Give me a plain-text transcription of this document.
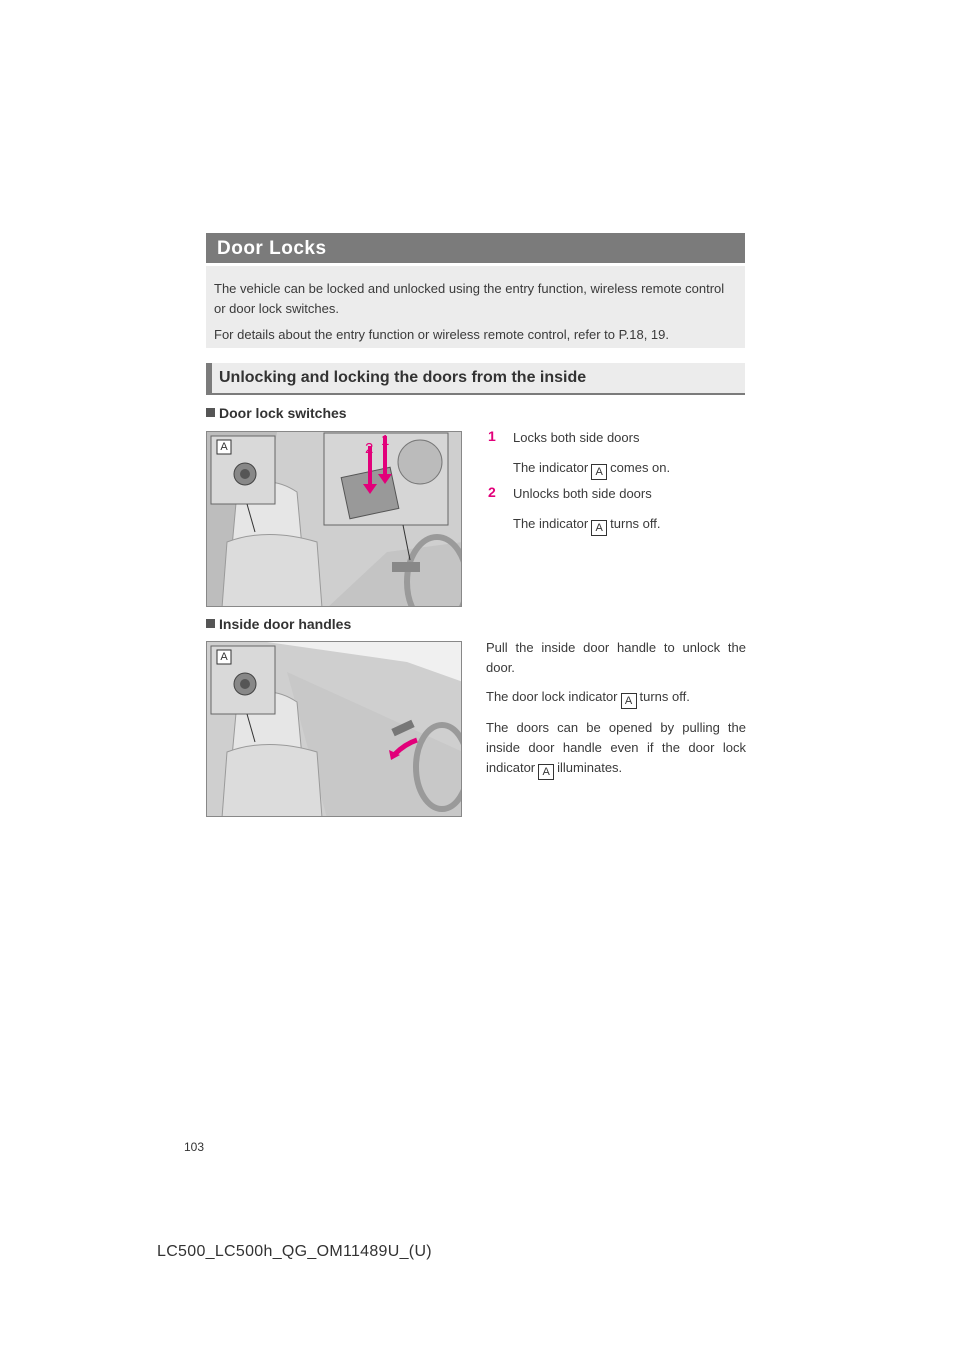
Door Locks

The vehicle can be locked and unlocked using the entry function, wireless remote control or door lock switches.

For details about the entry function or wireless remote control, refer to P.18, 19.

Unlocking and locking the doors from the inside
Door lock switches
A	2 1	1 Locks both side doors
The indicator A comes on.
2 Unlocks both side doors
The indicator A turns off.
Inside door handles
A

Pull the inside door handle to unlock the door.

The door lock indicator A turns off.

The doors can be opened by pulling the inside door handle even if the door lock indicator A illuminates.

103
LC500_LC500h_QG_OM11489U_(U)
